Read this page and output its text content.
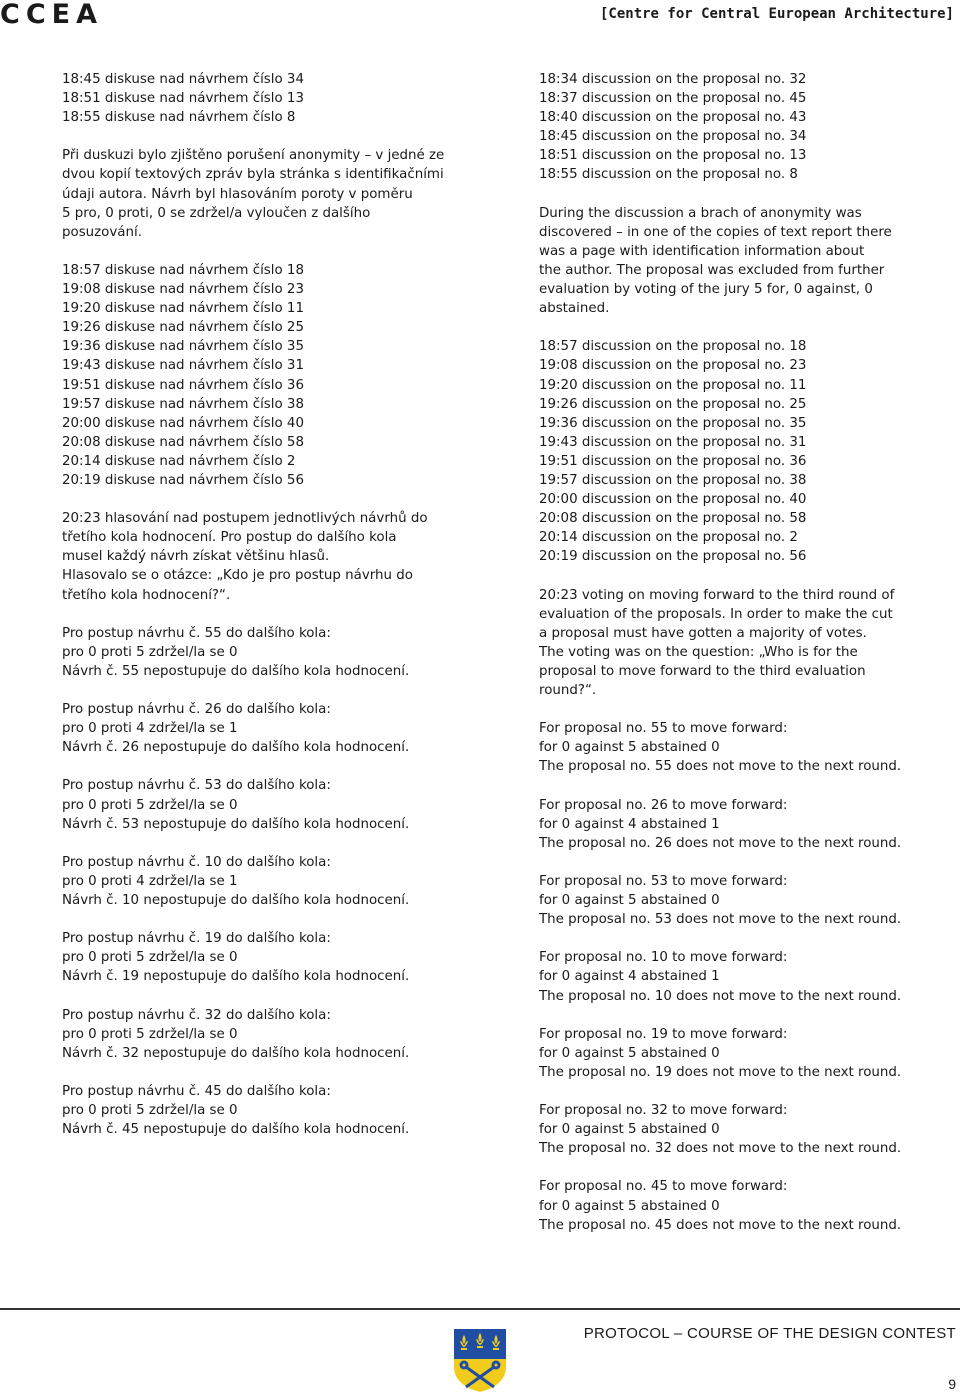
CCEA	[Centre for Central European Architecture]
18:45 diskuse nad návrhem číslo 34
18:51 diskuse nad návrhem číslo 13
18:55 diskuse nad návrhem číslo 8
Při duskuzi bylo zjištěno porušení anonymity – v jedné ze
dvou kopií textových zpráv byla stránka s identifikačními
údaji autora. Návrh byl hlasováním poroty v poměru
5 pro, 0 proti, 0 se zdržel/a vyloučen z dalšího
posuzování.
18:57 diskuse nad návrhem číslo 18
19:08 diskuse nad návrhem číslo 23
19:20 diskuse nad návrhem číslo 11
19:26 diskuse nad návrhem číslo 25
19:36 diskuse nad návrhem číslo 35
19:43 diskuse nad návrhem číslo 31
19:51 diskuse nad návrhem číslo 36
19:57 diskuse nad návrhem číslo 38
20:00 diskuse nad návrhem číslo 40
20:08 diskuse nad návrhem číslo 58
20:14 diskuse nad návrhem číslo 2
20:19 diskuse nad návrhem číslo 56
20:23 hlasování nad postupem jednotlivých návrhů do
třetího kola hodnocení. Pro postup do dalšího kola
musel každý návrh získat většinu hlasů.
Hlasovalo se o otázce: „Kdo je pro postup návrhu do
třetího kola hodnocení?“.
Pro postup návrhu č. 55 do dalšího kola:
pro 0 proti 5 zdržel/la se 0
Návrh č. 55 nepostupuje do dalšího kola hodnocení.
Pro postup návrhu č. 26 do dalšího kola:
pro 0 proti 4 zdržel/la se 1
Návrh č. 26 nepostupuje do dalšího kola hodnocení.
Pro postup návrhu č. 53 do dalšího kola:
pro 0 proti 5 zdržel/la se 0
Návrh č. 53 nepostupuje do dalšího kola hodnocení.
Pro postup návrhu č. 10 do dalšího kola:
pro 0 proti 4 zdržel/la se 1
Návrh č. 10 nepostupuje do dalšího kola hodnocení.
Pro postup návrhu č. 19 do dalšího kola:
pro 0 proti 5 zdržel/la se 0
Návrh č. 19 nepostupuje do dalšího kola hodnocení.
Pro postup návrhu č. 32 do dalšího kola:
pro 0 proti 5 zdržel/la se 0
Návrh č. 32 nepostupuje do dalšího kola hodnocení.
Pro postup návrhu č. 45 do dalšího kola:
pro 0 proti 5 zdržel/la se 0
Návrh č. 45 nepostupuje do dalšího kola hodnocení.
18:34 discussion on the proposal no. 32
18:37 discussion on the proposal no. 45
18:40 discussion on the proposal no. 43
18:45 discussion on the proposal no. 34
18:51 discussion on the proposal no. 13
18:55 discussion on the proposal no. 8
During the discussion a brach of anonymity was
discovered – in one of the copies of text report there
was a page with identification information about
the author. The proposal was excluded from further
evaluation by voting of the jury 5 for, 0 against, 0
abstained.
18:57 discussion on the proposal no. 18
19:08 discussion on the proposal no. 23
19:20 discussion on the proposal no. 11
19:26 discussion on the proposal no. 25
19:36 discussion on the proposal no. 35
19:43 discussion on the proposal no. 31
19:51 discussion on the proposal no. 36
19:57 discussion on the proposal no. 38
20:00 discussion on the proposal no. 40
20:08 discussion on the proposal no. 58
20:14 discussion on the proposal no. 2
20:19 discussion on the proposal no. 56
20:23 voting on moving forward to the third round of
evaluation of the proposals. In order to make the cut
a proposal must have gotten a majority of votes.
The voting was on the question: „Who is for the
proposal to move forward to the third evaluation
round?“.
For proposal no. 55 to move forward:
for 0 against 5 abstained 0
The proposal no. 55 does not move to the next round.
For proposal no. 26 to move forward:
for 0 against 4 abstained 1
The proposal no. 26 does not move to the next round.
For proposal no. 53 to move forward:
for 0 against 5 abstained 0
The proposal no. 53 does not move to the next round.
For proposal no. 10 to move forward:
for 0 against 4 abstained 1
The proposal no. 10 does not move to the next round.
For proposal no. 19 to move forward:
for 0 against 5 abstained 0
The proposal no. 19 does not move to the next round.
For proposal no. 32 to move forward:
for 0 against 5 abstained 0
The proposal no. 32 does not move to the next round.
For proposal no. 45 to move forward:
for 0 against 5 abstained 0
The proposal no. 45 does not move to the next round.
PROTOCOL – COURSE OF THE DESIGN CONTEST
9
